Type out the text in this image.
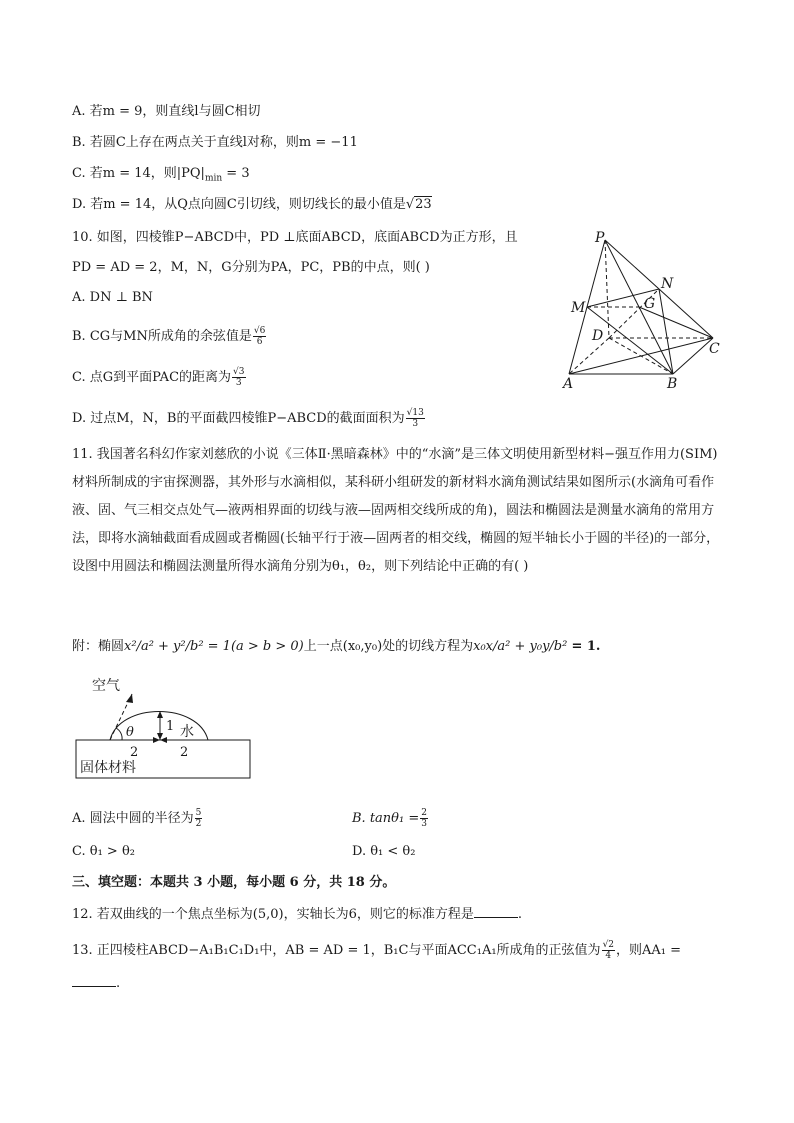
A. 若m = 9，则直线l与圆C相切
B. 若圆C上存在两点关于直线l对称，则m = −11
C. 若m = 14，则$|PQ|_{min} = 3$
D. 若m = 14，从Q点向圆C引切线，则切线长的最小值是√23
10. 如图，四棱锥P−ABCD中，PD ⊥底面ABCD，底面ABCD为正方形，且
PD = AD = 2，M，N，G分别为PA，PC，PB的中点，则( )
A. DN ⊥ BN
B. CG与MN所成角的余弦值是 $\frac{√6}{6}$
C. 点G到平面PAC的距离为 $\frac{√3}{3}$
D. 过点M，N，B的平面截四棱锥P−ABCD的截面面积为 $\frac{√13}{3}$
P
N
M	G
D
C
A	B
11. 我国著名科幻作家刘慈欣的小说《三体Ⅱ·黑暗森林》中的“水滴”是三体文明使用新型材料−强互作用力(SIM)材料所制成的宇宙探测器，其外形与水滴相似，某科研小组研发的新材料水滴角测试结果如图所示(水滴角可看作液、固、气三相交点处气—液两相界面的切线与液—固两相交线所成的角)，圆法和椭圆法是测量水滴角的常用方法，即将水滴轴截面看成圆或者椭圆(长轴平行于液—固两者的相交线，椭圆的短半轴长小于圆的半径)的一部分，设图中用圆法和椭圆法测量所得水滴角分别为θ₁，θ₂，则下列结论中正确的有( )
附：椭圆x²/a² + y²/b² = 1(a > b > 0)上一点(x₀,y₀)处的切线方程为x₀x/a² + y₀y/b² = 1.
空气
θ 1 水
2	2
固体材料
A. 圆法中圆的半径为 $\frac{5}{2}$	B. $\tan\theta_1 = \frac{2}{3}$
C. θ₁ > θ₂	D. θ₁ < θ₂
三、填空题：本题共 3 小题，每小题 6 分，共 18 分。
12. 若双曲线的一个焦点坐标为(5,0)，实轴长为6，则它的标准方程是	.
13. 正四棱柱ABCD−A₁B₁C₁D₁中，AB = AD = 1，B₁C与平面ACC₁A₁所成角的正弦值为 $\frac{√2}{4}$ ，则AA₁ =
.
